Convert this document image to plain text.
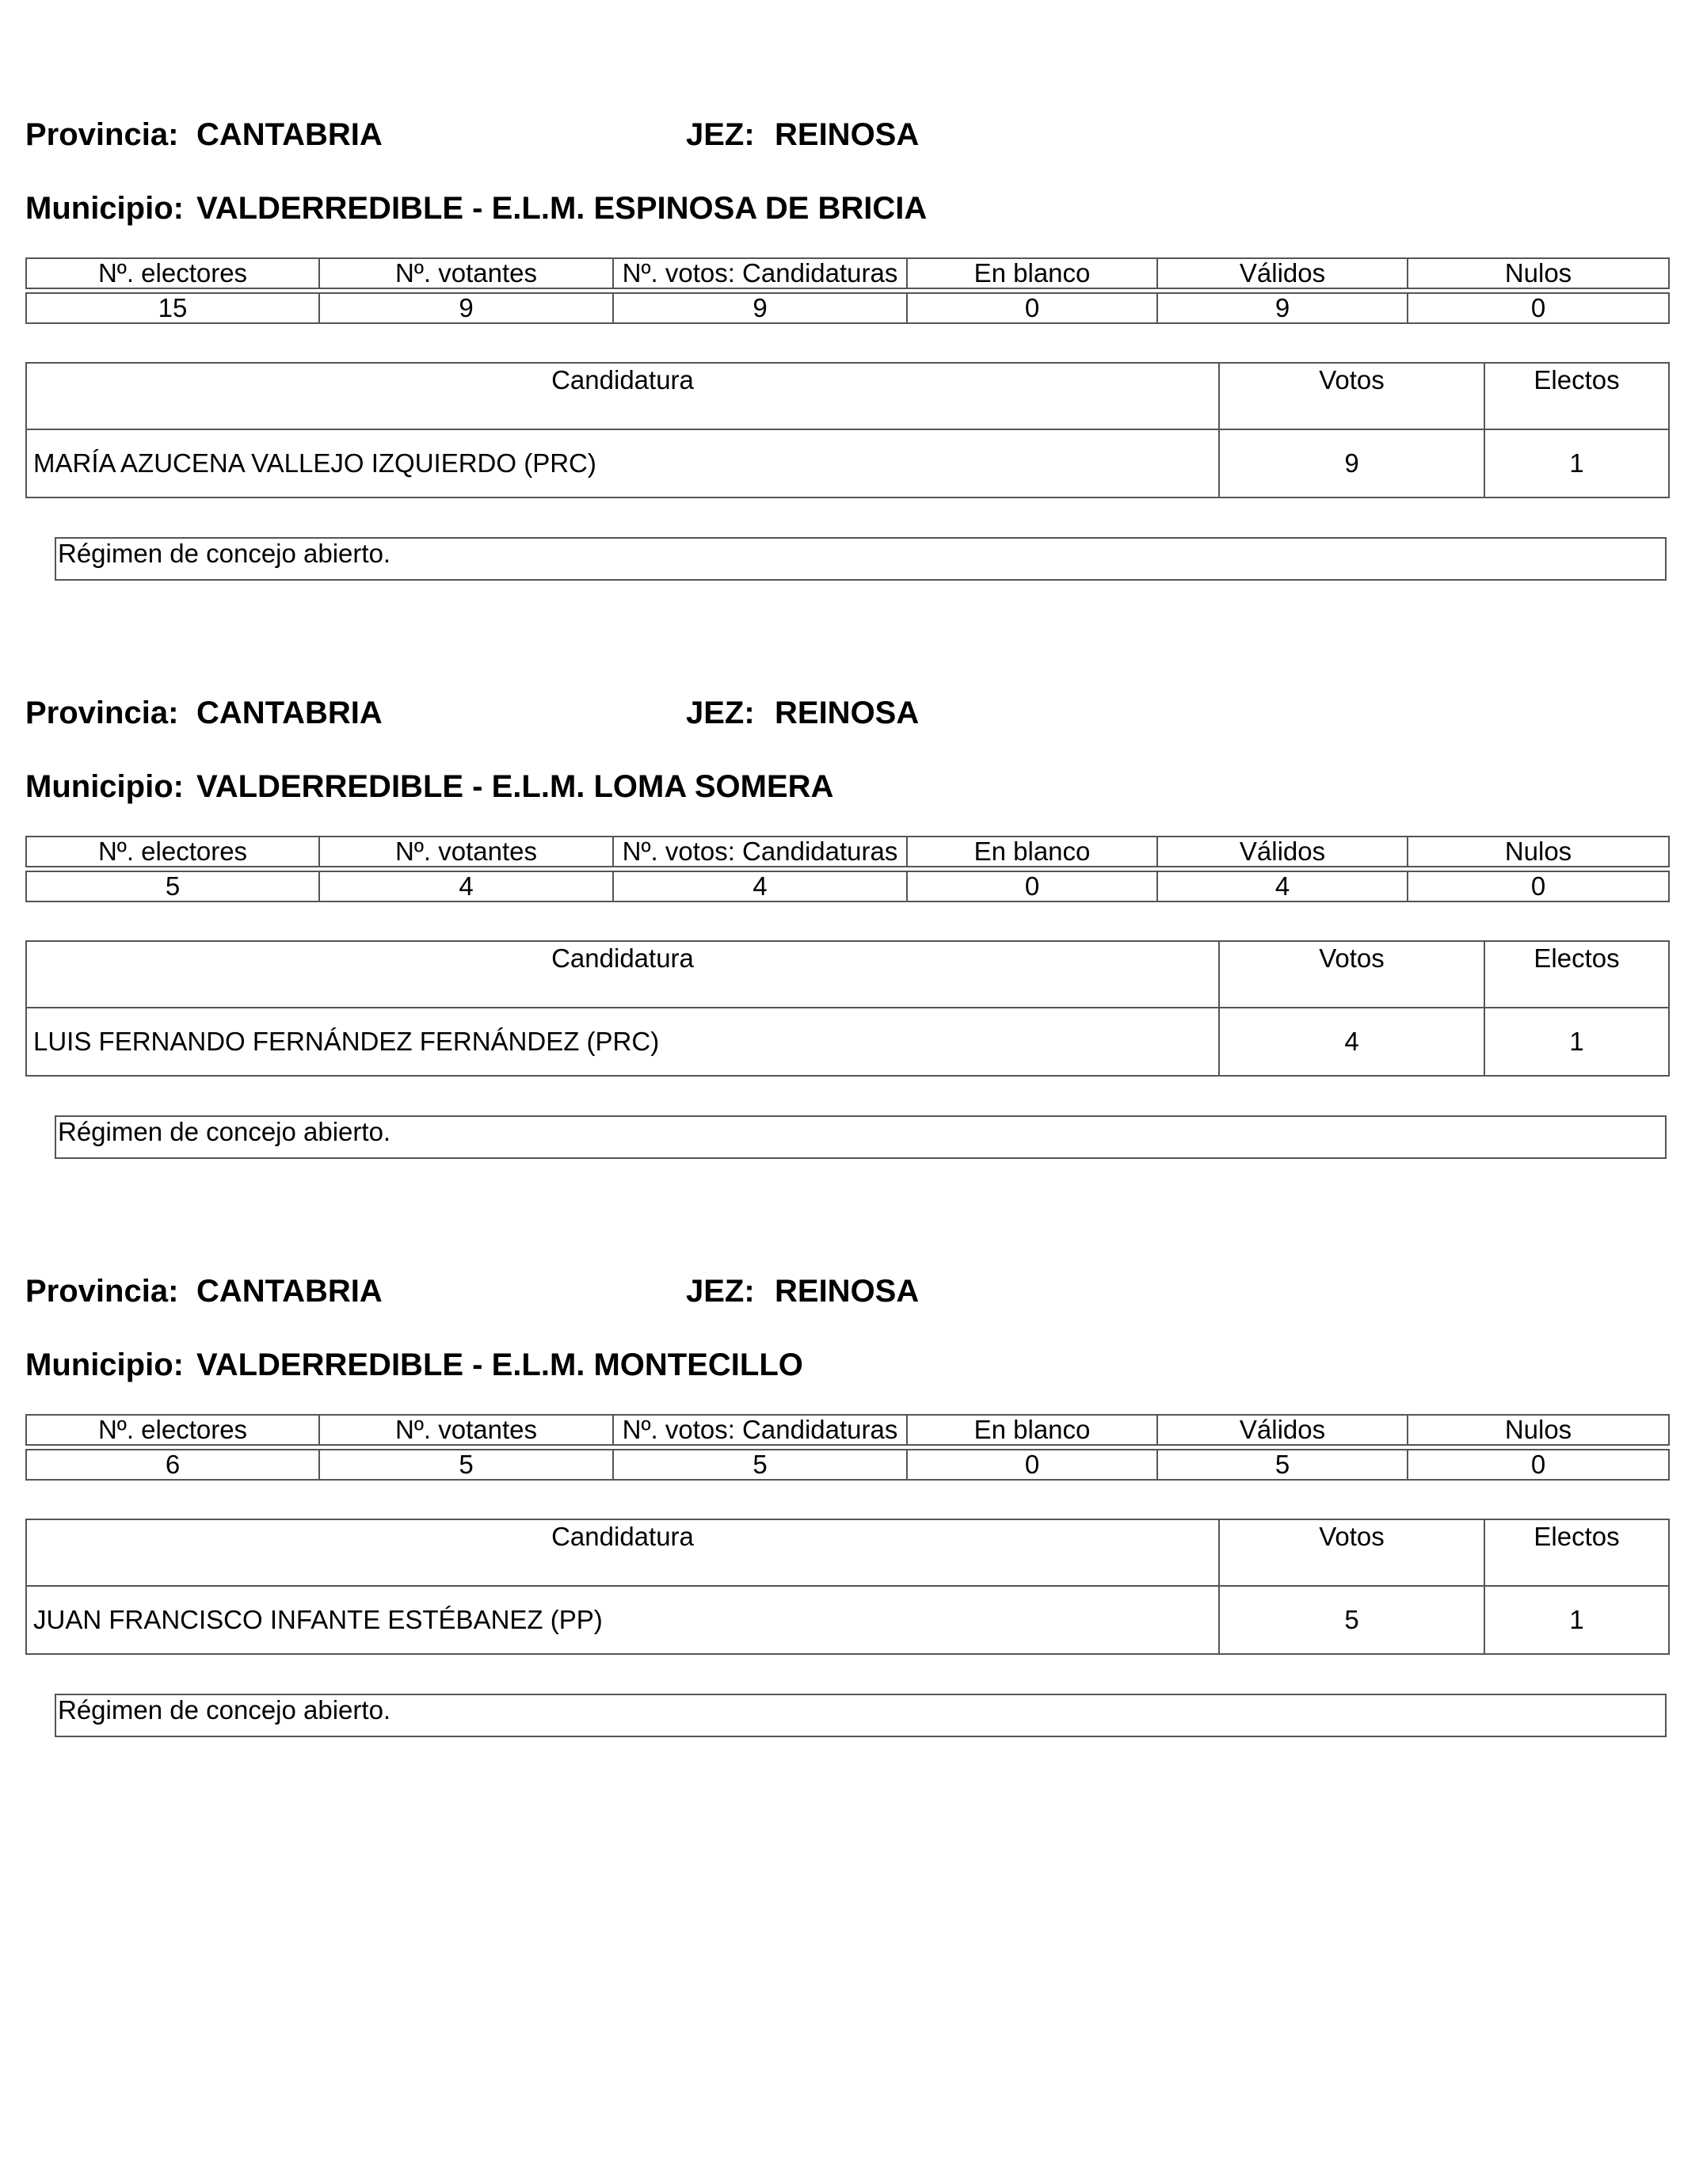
Provincia: CANTABRIA	JEZ: REINOSA
Municipio: VALDERREDIBLE - E.L.M. ESPINOSA DE BRICIA
Nº. electores	Nº. votantes	Nº. votos: Candidaturas	En blanco	Válidos	Nulos

15	9	9	0	9	0
Candidatura	Votos	Electos
MARÍA AZUCENA VALLEJO IZQUIERDO (PRC)	9	1
Régimen de concejo abierto.
Provincia: CANTABRIA	JEZ: REINOSA
Municipio: VALDERREDIBLE - E.L.M. LOMA SOMERA
Nº. electores	Nº. votantes	Nº. votos: Candidaturas	En blanco	Válidos	Nulos

5	4	4	0	4	0
Candidatura	Votos	Electos
LUIS FERNANDO FERNÁNDEZ FERNÁNDEZ (PRC)	4	1
Régimen de concejo abierto.
Provincia: CANTABRIA	JEZ: REINOSA
Municipio: VALDERREDIBLE - E.L.M. MONTECILLO
Nº. electores	Nº. votantes	Nº. votos: Candidaturas	En blanco	Válidos	Nulos

6	5	5	0	5	0
Candidatura	Votos	Electos
JUAN FRANCISCO INFANTE ESTÉBANEZ (PP)	5	1
Régimen de concejo abierto.
